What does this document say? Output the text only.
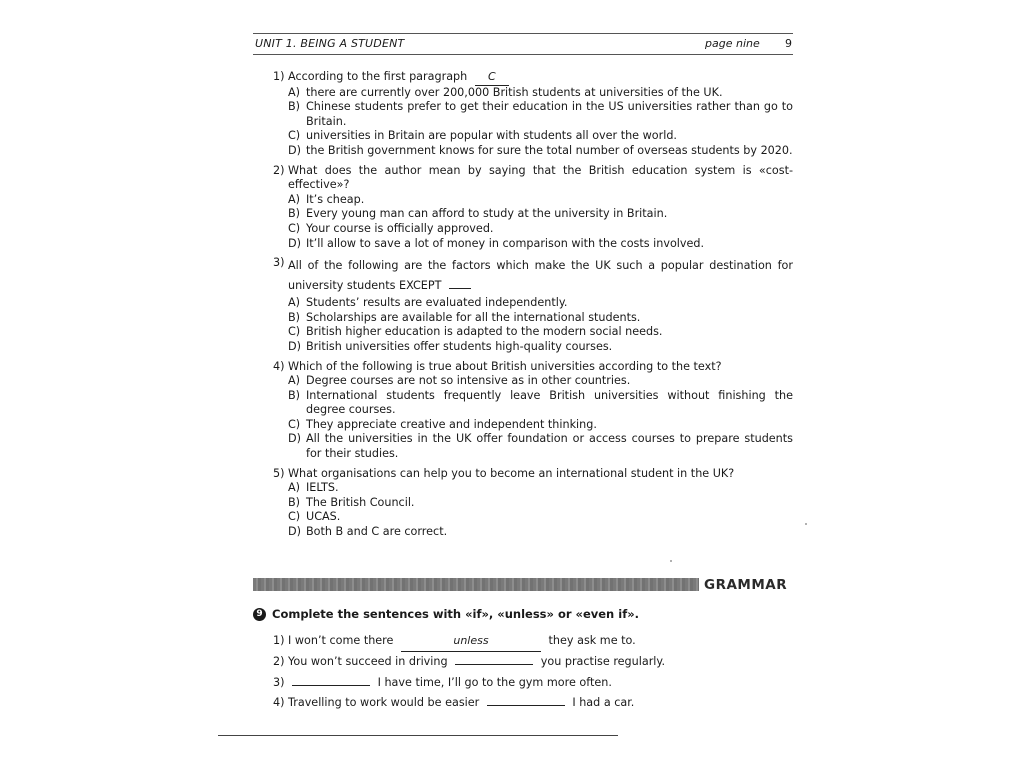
UNIT 1. BEING A STUDENT	page nine 9
1) According to the first paragraph C
A) there are currently over 200,000 British students at universities of the UK.
B) Chinese students prefer to get their education in the US universities rather than go to Britain.
C) universities in Britain are popular with students all over the world.
D) the British government knows for sure the total number of overseas students by 2020.
2) What does the author mean by saying that the British education system is «cost-effective»?
A) It’s cheap.
B) Every young man can afford to study at the university in Britain.
C) Your course is officially approved.
D) It’ll allow to save a lot of money in comparison with the costs involved.
3) All of the following are the factors which make the UK such a popular destination for university students EXCEPT
A) Students’ results are evaluated independently.
B) Scholarships are available for all the international students.
C) British higher education is adapted to the modern social needs.
D) British universities offer students high-quality courses.
4) Which of the following is true about British universities according to the text?
A) Degree courses are not so intensive as in other countries.
B) International students frequently leave British universities without finishing the degree courses.
C) They appreciate creative and independent thinking.
D) All the universities in the UK offer foundation or access courses to prepare students for their studies.
5) What organisations can help you to become an international student in the UK?
A) IELTS.
B) The British Council.
C) UCAS.
D) Both B and C are correct.
GRAMMAR
9 Complete the sentences with «if», «unless» or «even if».
1) I won’t come there	unless	they ask me to.
2) You won’t succeed in driving	you practise regularly.
3)	I have time, I’ll go to the gym more often.
4) Travelling to work would be easier	I had a car.
